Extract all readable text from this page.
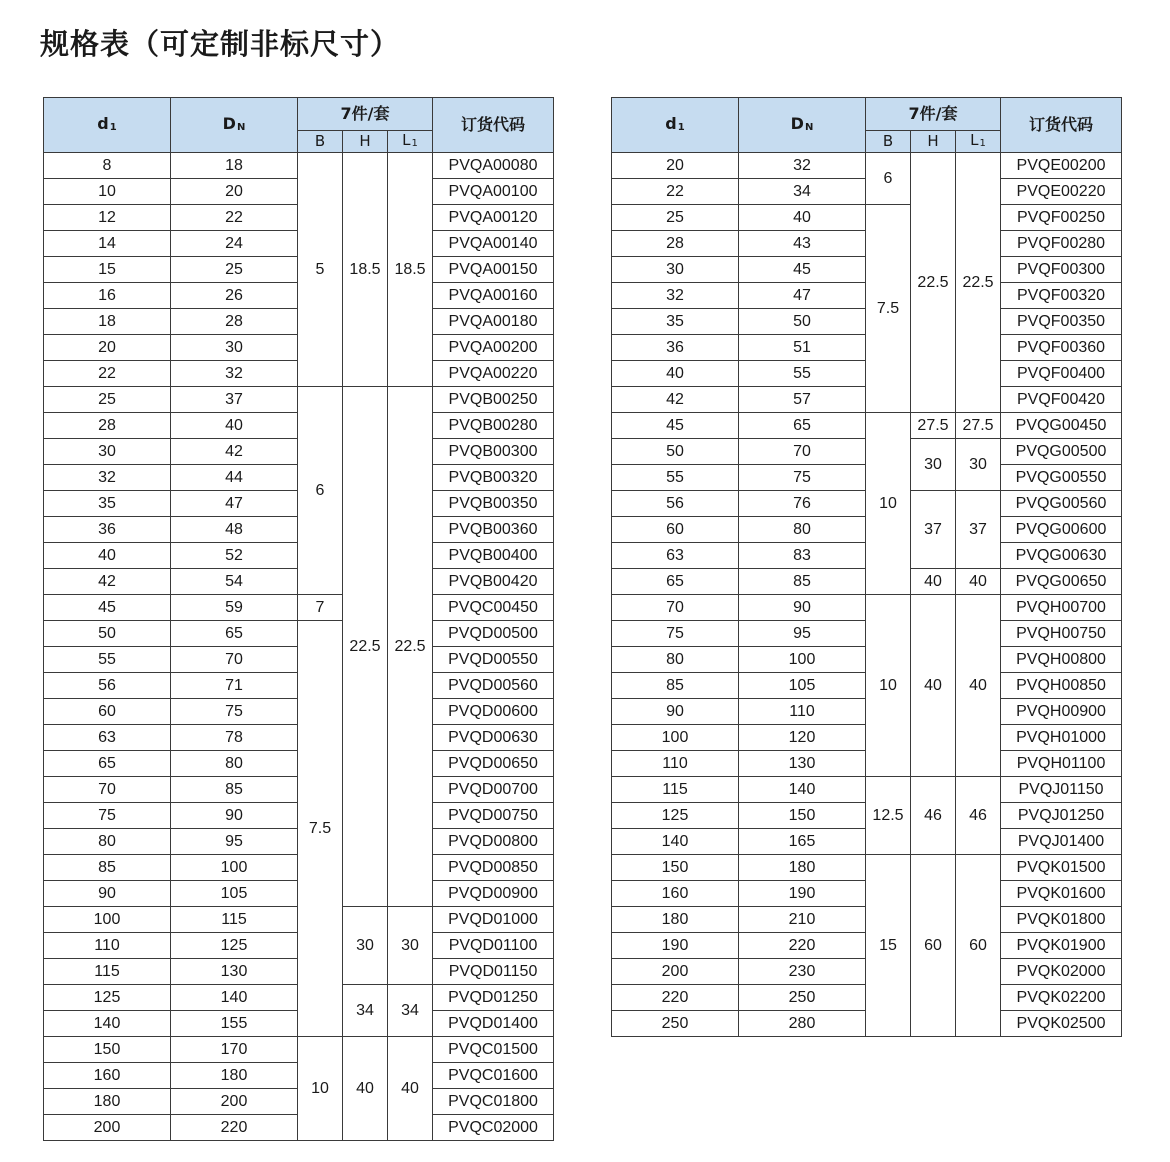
规格表（可定制非标尺寸）
$d_1$	$D_N$	7件/套			订货代码
		B	H	$L_1$
8	18	5	18.5	18.5	PVQA00080
10	20				PVQA00100
12	22				PVQA00120
14	24				PVQA00140
15	25				PVQA00150
16	26				PVQA00160
18	28				PVQA00180
20	30				PVQA00200
22	32				PVQA00220
25	37	6	22.5	22.5	PVQB00250
28	40				PVQB00280
30	42				PVQB00300
32	44				PVQB00320
35	47				PVQB00350
36	48				PVQB00360
40	52				PVQB00400
42	54				PVQB00420
45	59	7			PVQC00450
50	65	7.5			PVQD00500
55	70				PVQD00550
56	71				PVQD00560
60	75				PVQD00600
63	78				PVQD00630
65	80				PVQD00650
70	85				PVQD00700
75	90				PVQD00750
80	95				PVQD00800
85	100				PVQD00850
90	105				PVQD00900
100	115		30	30	PVQD01000
110	125				PVQD01100
115	130				PVQD01150
125	140		34	34	PVQD01250
140	155				PVQD01400
150	170	10	40	40	PVQC01500
160	180				PVQC01600
180	200				PVQC01800
200	220				PVQC02000
$d_1$	$D_N$	7件/套			订货代码
		B	H	$L_1$
20	32	6	22.5	22.5	PVQE00200
22	34				PVQE00220
25	40	7.5			PVQF00250
28	43				PVQF00280
30	45				PVQF00300
32	47				PVQF00320
35	50				PVQF00350
36	51				PVQF00360
40	55				PVQF00400
42	57				PVQF00420
45	65	10	27.5	27.5	PVQG00450
50	70		30	30	PVQG00500
55	75				PVQG00550
56	76		37	37	PVQG00560
60	80				PVQG00600
63	83				PVQG00630
65	85		40	40	PVQG00650
70	90	10	40	40	PVQH00700
75	95				PVQH00750
80	100				PVQH00800
85	105				PVQH00850
90	110				PVQH00900
100	120				PVQH01000
110	130				PVQH01100
115	140	12.5	46	46	PVQJ01150
125	150				PVQJ01250
140	165				PVQJ01400
150	180	15	60	60	PVQK01500
160	190				PVQK01600
180	210				PVQK01800
190	220				PVQK01900
200	230				PVQK02000
220	250				PVQK02200
250	280				PVQK02500
